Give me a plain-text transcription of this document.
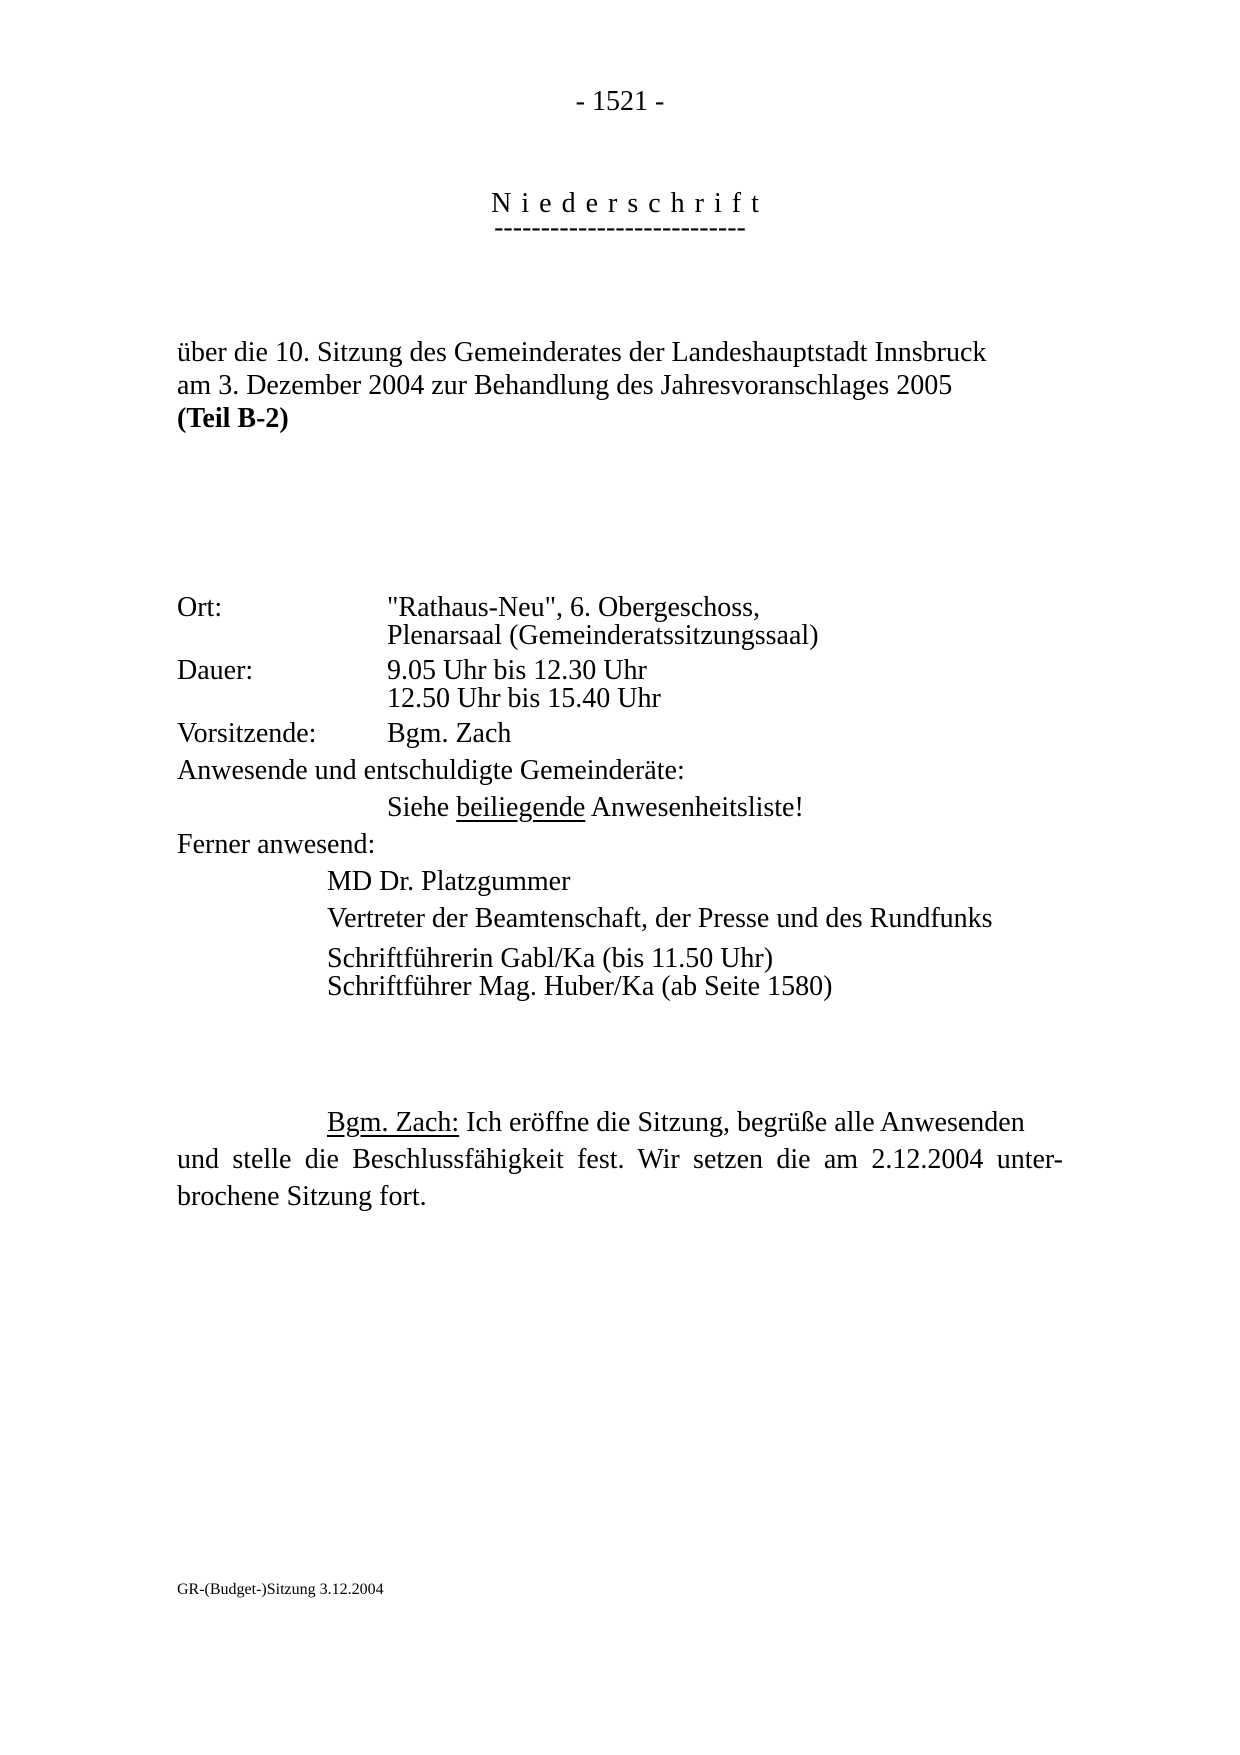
- 1521 -
Niederschrift
---------------------------
über die 10. Sitzung des Gemeinderates der Landeshauptstadt Innsbruck
am 3. Dezember 2004 zur Behandlung des Jahresvoranschlages 2005
(Teil B-2)
Ort:	"Rathaus-Neu", 6. Obergeschoss,
Plenarsaal (Gemeinderatssitzungssaal)
Dauer:	9.05 Uhr bis 12.30 Uhr
12.50 Uhr bis 15.40 Uhr
Vorsitzende:	Bgm. Zach
Anwesende und entschuldigte Gemeinderäte:
Siehe beiliegende Anwesenheitsliste!
Ferner anwesend:
MD Dr. Platzgummer
Vertreter der Beamtenschaft, der Presse und des Rundfunks
Schriftführerin Gabl/Ka (bis 11.50 Uhr)
Schriftführer Mag. Huber/Ka (ab Seite 1580)
Bgm. Zach: Ich eröffne die Sitzung, begrüße alle Anwesenden
und stelle die Beschlussfähigkeit fest. Wir setzen die am 2.12.2004 unter-
brochene Sitzung fort.
GR-(Budget-)Sitzung 3.12.2004
